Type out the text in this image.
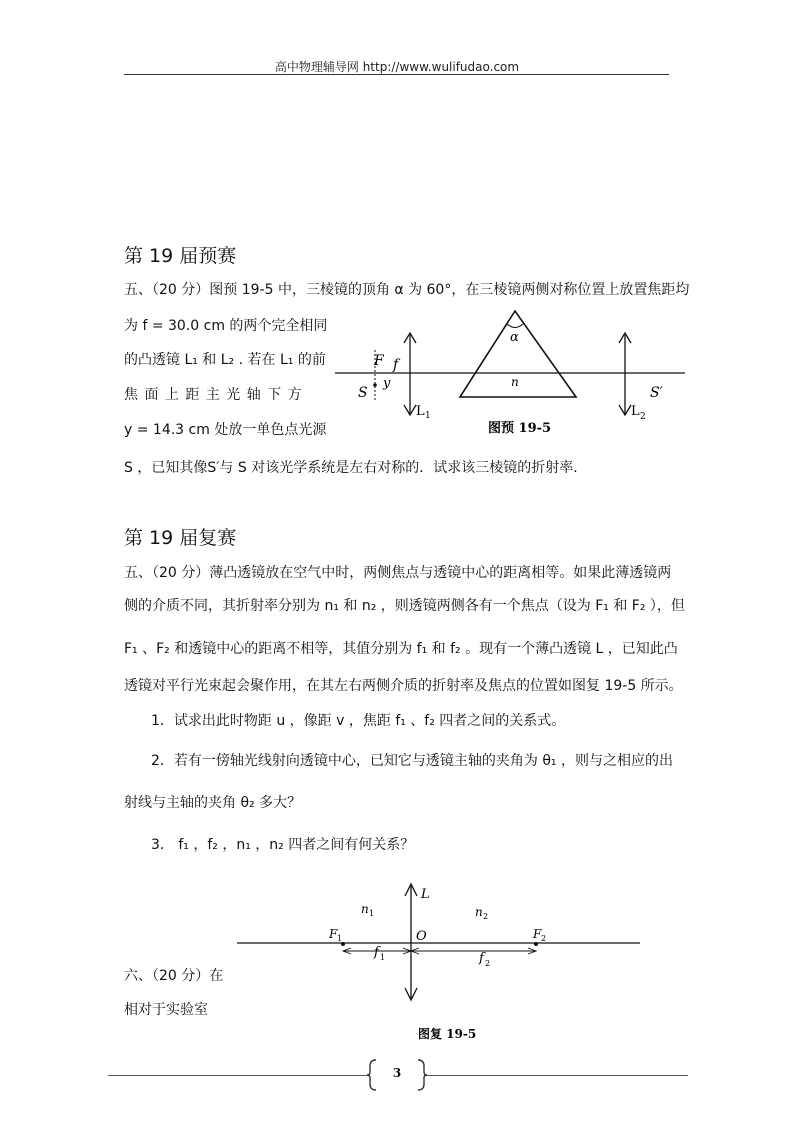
高中物理辅导网 http://www.wulifudao.com
第 19 届预赛
五、（20 分）图预 19-5 中，三棱镜的顶角 α 为 60°，在三棱镜两侧对称位置上放置焦距均
为 f = 30.0 cm 的两个完全相同
的凸透镜 L₁ 和 L₂ . 若在 L₁ 的前
焦 面 上 距 主 光 轴 下 方
y = 14.3 cm 处放一单色点光源
S ，已知其像S′与 S 对该光学系统是左右对称的．试求该三棱镜的折射率．
F f
S
y
L 1
α
n
S′
L 2
图预 19-5
第 19 届复赛
五、（20 分）薄凸透镜放在空气中时，两侧焦点与透镜中心的距离相等。如果此薄透镜两
侧的介质不同，其折射率分别为 n₁ 和 n₂ ，则透镜两侧各有一个焦点（设为 F₁ 和 F₂ ），但
F₁ 、F₂ 和透镜中心的距离不相等，其值分别为 f₁ 和 f₂ 。现有一个薄凸透镜 L ，已知此凸
透镜对平行光束起会聚作用，在其左右两侧介质的折射率及焦点的位置如图复 19-5 所示。
1．试求出此时物距 u ，像距 v ，焦距 f₁ 、f₂ 四者之间的关系式。
2．若有一傍轴光线射向透镜中心，已知它与透镜主轴的夹角为 θ₁ ，则与之相应的出
射线与主轴的夹角 θ₂ 多大？
3． f₁ ，f₂ ，n₁ ，n₂ 四者之间有何关系？
L
n 1	n 2
F 1	O	F 2
f 1	f 2
图复 19-5
六、（20 分）在
相对于实验室
3
